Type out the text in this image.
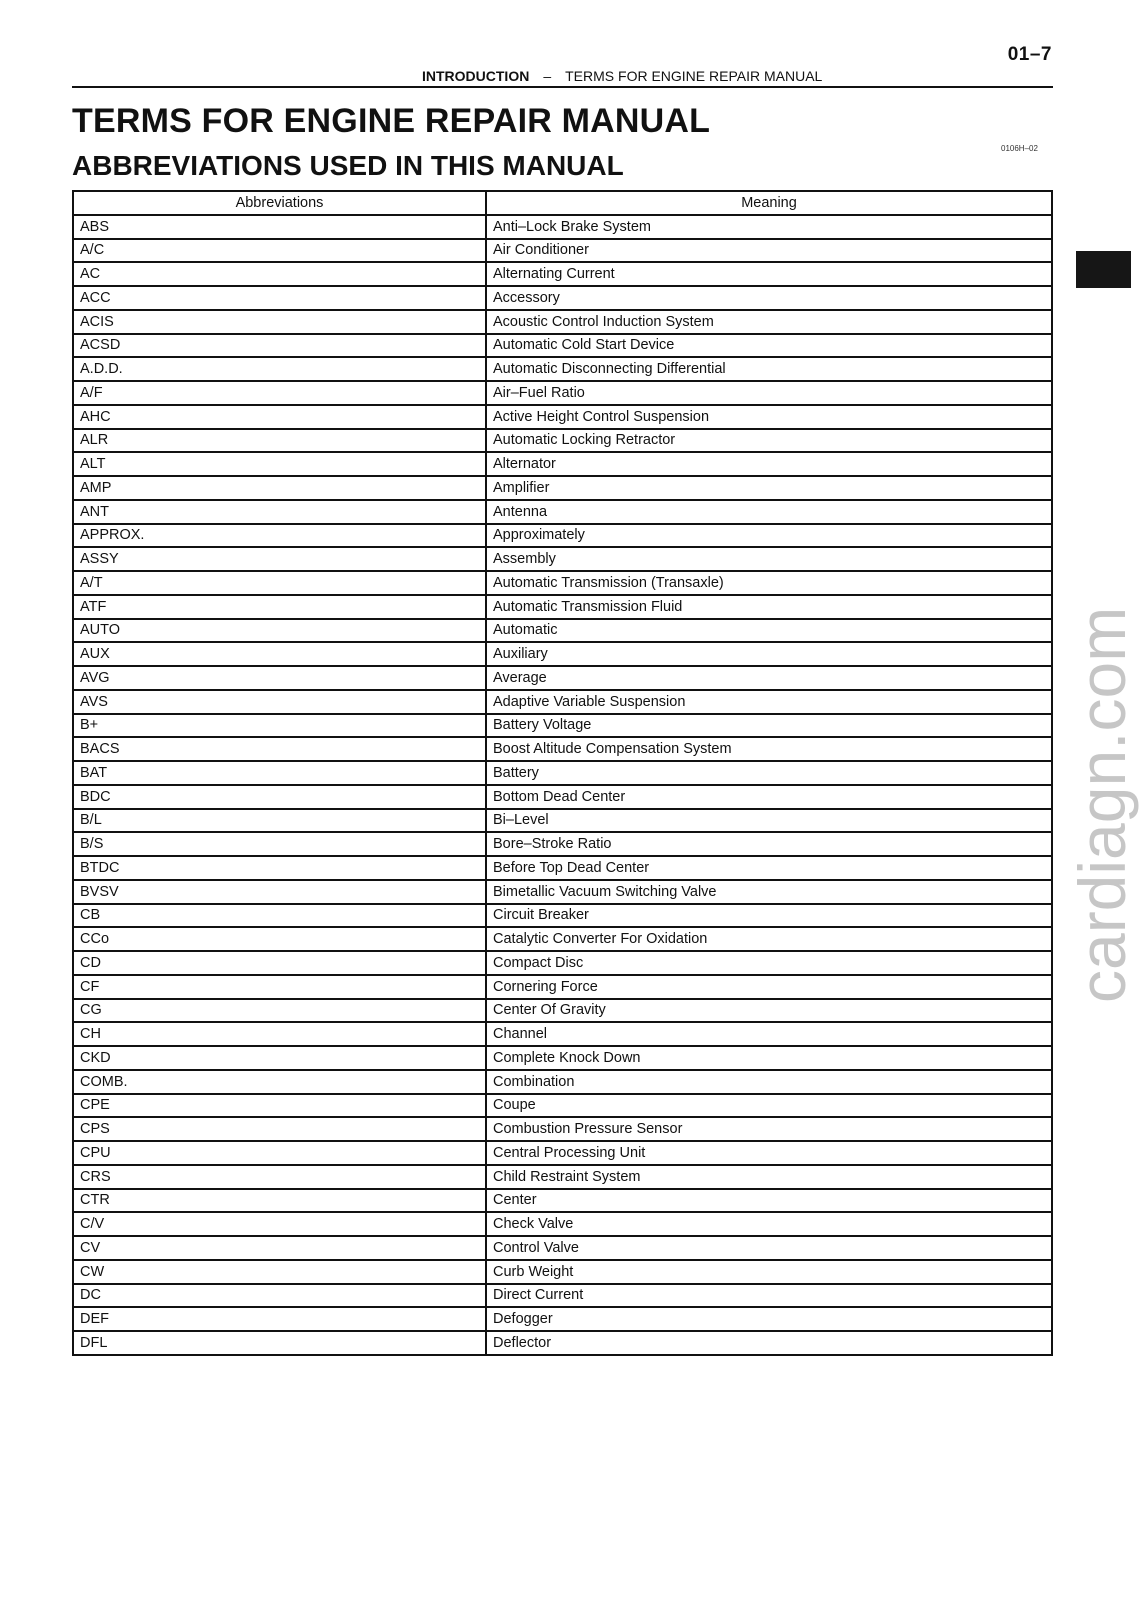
01–7
INTRODUCTION – TERMS FOR ENGINE REPAIR MANUAL
TERMS FOR ENGINE REPAIR MANUAL
ABBREVIATIONS USED IN THIS MANUAL
0106H–02
Abbreviations	Meaning
ABS	Anti–Lock Brake System
A/C	Air Conditioner
AC	Alternating Current
ACC	Accessory
ACIS	Acoustic Control Induction System
ACSD	Automatic Cold Start Device
A.D.D.	Automatic Disconnecting Differential
A/F	Air–Fuel Ratio
AHC	Active Height Control Suspension
ALR	Automatic Locking Retractor
ALT	Alternator
AMP	Amplifier
ANT	Antenna
APPROX.	Approximately
ASSY	Assembly
A/T	Automatic Transmission (Transaxle)
ATF	Automatic Transmission Fluid
AUTO	Automatic
AUX	Auxiliary
AVG	Average
AVS	Adaptive Variable Suspension
B+	Battery Voltage
BACS	Boost Altitude Compensation System
BAT	Battery
BDC	Bottom Dead Center
B/L	Bi–Level
B/S	Bore–Stroke Ratio
BTDC	Before Top Dead Center
BVSV	Bimetallic Vacuum Switching Valve
CB	Circuit Breaker
CCo	Catalytic Converter For Oxidation
CD	Compact Disc
CF	Cornering Force
CG	Center Of Gravity
CH	Channel
CKD	Complete Knock Down
COMB.	Combination
CPE	Coupe
CPS	Combustion Pressure Sensor
CPU	Central Processing Unit
CRS	Child Restraint System
CTR	Center
C/V	Check Valve
CV	Control Valve
CW	Curb Weight
DC	Direct Current
DEF	Defogger
DFL	Deflector
cardiagn.com
